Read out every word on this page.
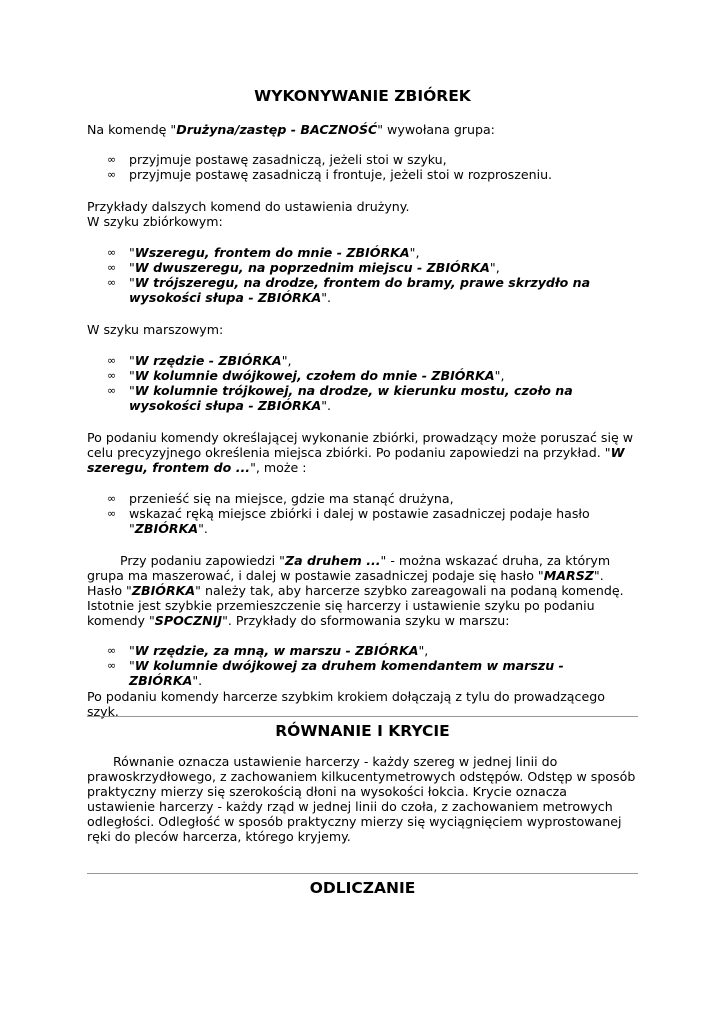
WYKONYWANIE ZBIÓREK

Na komendę "Drużyna/zastęp - BACZNOŚĆ" wywołana grupa:

∞ przyjmuje postawę zasadniczą, jeżeli stoi w szyku,
∞ przyjmuje postawę zasadniczą i frontuje, jeżeli stoi w rozproszeniu.

Przykłady dalszych komend do ustawienia drużyny.
W szyku zbiórkowym:

∞ "Wszeregu, frontem do mnie - ZBIÓRKA",
∞ "W dwuszeregu, na poprzednim miejscu - ZBIÓRKA",
∞ "W trójszeregu, na drodze, frontem do bramy, prawe skrzydło na wysokości słupa - ZBIÓRKA".

W szyku marszowym:

∞ "W rzędzie - ZBIÓRKA",
∞ "W kolumnie dwójkowej, czołem do mnie - ZBIÓRKA",
∞ "W kolumnie trójkowej, na drodze, w kierunku mostu, czoło na wysokości słupa - ZBIÓRKA".

Po podaniu komendy określającej wykonanie zbiórki, prowadzący może poruszać się w celu precyzyjnego określenia miejsca zbiórki. Po podaniu zapowiedzi na przykład. "W szeregu, frontem do ...", może :

∞ przenieść się na miejsce, gdzie ma stanąć drużyna,
∞ wskazać ręką miejsce zbiórki i dalej w postawie zasadniczej podaje hasło "ZBIÓRKA".

Przy podaniu zapowiedzi "Za druhem ..." - można wskazać druha, za którym grupa ma maszerować, i dalej w postawie zasadniczej podaje się hasło "MARSZ". Hasło "ZBIÓRKA" należy tak, aby harcerze szybko zareagowali na podaną komendę. Istotnie jest szybkie przemieszczenie się harcerzy i ustawienie szyku po podaniu komendy "SPOCZNIJ". Przykłady do sformowania szyku w marszu:

∞ "W rzędzie, za mną, w marszu - ZBIÓRKA",
∞ "W kolumnie dwójkowej za druhem komendantem w marszu - ZBIÓRKA".

Po podaniu komendy harcerze szybkim krokiem dołączają z tylu do prowadzącego szyk.

RÓWNANIE I KRYCIE

Równanie oznacza ustawienie harcerzy - każdy szereg w jednej linii do prawoskrzydłowego, z zachowaniem kilkucentymetrowych odstępów. Odstęp w sposób praktyczny mierzy się szerokością dłoni na wysokości łokcia. Krycie oznacza ustawienie harcerzy - każdy rząd w jednej linii do czoła, z zachowaniem metrowych odległości. Odległość w sposób praktyczny mierzy się wyciągnięciem wyprostowanej ręki do pleców harcerza, którego kryjemy.

ODLICZANIE
